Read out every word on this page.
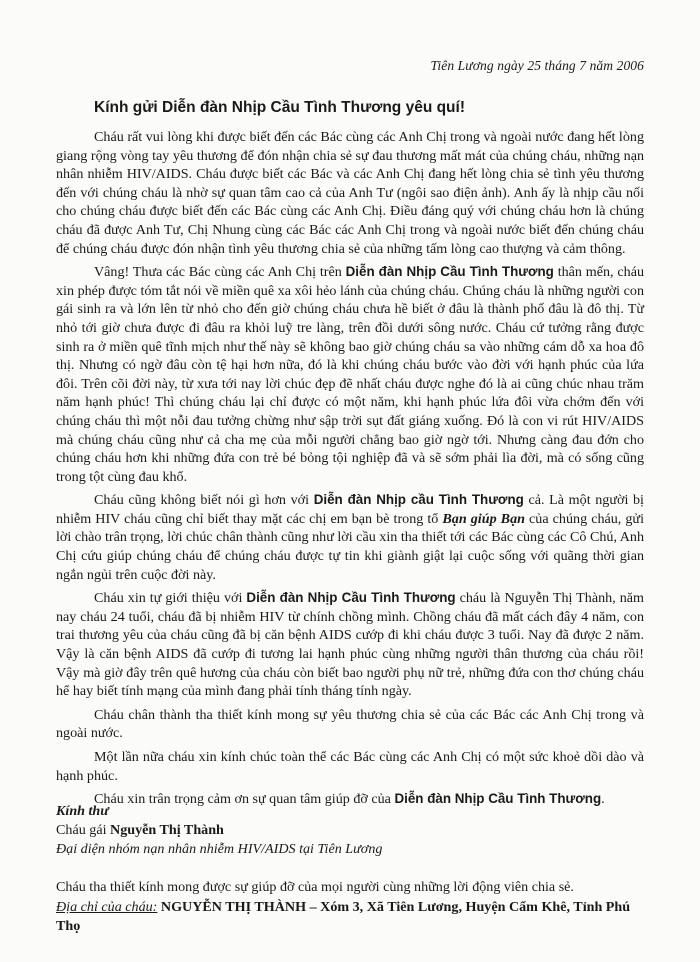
Tiên Lương ngày 25 tháng 7 năm 2006
Kính gửi Diễn đàn Nhịp Cầu Tình Thương yêu quí!

Cháu rất vui lòng khi được biết đến các Bác cùng các Anh Chị trong và ngoài nước đang hết lòng giang rộng vòng tay yêu thương để đón nhận chia sẻ sự đau thương mất mát của chúng cháu, những nạn nhân nhiễm HIV/AIDS. Cháu được biết các Bác và các Anh Chị đang hết lòng chia sẻ tình yêu thương đến với chúng cháu là nhờ sự quan tâm cao cả của Anh Tư (ngôi sao điện ảnh). Anh ấy là nhịp cầu nối cho chúng cháu được biết đến các Bác cùng các Anh Chị. Điều đáng quý với chúng cháu hơn là chúng cháu đã được Anh Tư, Chị Nhung cùng các Bác các Anh Chị trong và ngoài nước biết đến chúng cháu để chúng cháu được đón nhận tình yêu thương chia sẻ của những tấm lòng cao thượng và cảm thông.

Vâng! Thưa các Bác cùng các Anh Chị trên Diễn đàn Nhịp Cầu Tình Thương thân mến, cháu xin phép được tóm tắt nói về miền quê xa xôi hẻo lánh của chúng cháu. Chúng cháu là những người con gái sinh ra và lớn lên từ nhỏ cho đến giờ chúng cháu chưa hề biết ở đâu là thành phố đâu là đô thị. Từ nhỏ tới giờ chưa được đi đâu ra khỏi luỹ tre làng, trên đồi dưới sông nước. Cháu cứ tưởng rằng được sinh ra ở miền quê tĩnh mịch như thế này sẽ không bao giờ chúng cháu sa vào những cám dỗ xa hoa đô thị. Nhưng có ngờ đâu còn tệ hại hơn nữa, đó là khi chúng cháu bước vào đời với hạnh phúc của lứa đôi. Trên cõi đời này, từ xưa tới nay lời chúc đẹp đẽ nhất cháu được nghe đó là ai cũng chúc nhau trăm năm hạnh phúc! Thì chúng cháu lại chỉ được có một năm, khi hạnh phúc lứa đôi vừa chớm đến với chúng cháu thì một nỗi đau tưởng chừng như sập trời sụt đất giáng xuống. Đó là con vi rút HIV/AIDS mà chúng cháu cũng như cả cha mẹ của mỗi người chẳng bao giờ ngờ tới. Nhưng càng đau đớn cho chúng cháu hơn khi những đứa con trẻ bé bỏng tội nghiệp đã và sẽ sớm phải lìa đời, mà có sống cũng trong tột cùng đau khổ.

Cháu cũng không biết nói gì hơn với Diễn đàn Nhịp cầu Tình Thương cả. Là một người bị nhiễm HIV cháu cũng chỉ biết thay mặt các chị em bạn bè trong tổ Bạn giúp Bạn của chúng cháu, gửi lời chào trân trọng, lời chúc chân thành cũng như lời cầu xin tha thiết tới các Bác cùng các Cô Chú, Anh Chị cứu giúp chúng cháu để chúng cháu được tự tin khi giành giật lại cuộc sống với quãng thời gian ngắn ngủi trên cuộc đời này.

Cháu xin tự giới thiệu với Diễn đàn Nhịp Cầu Tình Thương cháu là Nguyễn Thị Thành, năm nay cháu 24 tuổi, cháu đã bị nhiễm HIV từ chính chồng mình. Chồng cháu đã mất cách đây 4 năm, con trai thương yêu của cháu cũng đã bị căn bệnh AIDS cướp đi khi cháu được 3 tuổi. Nay đã được 2 năm. Vậy là căn bệnh AIDS đã cướp đi tương lai hạnh phúc cùng những người thân thương của cháu rồi! Vậy mà giờ đây trên quê hương của cháu còn biết bao người phụ nữ trẻ, những đứa con thơ chúng cháu hể hay biết tính mạng của mình đang phải tính tháng tính ngày.

Cháu chân thành tha thiết kính mong sự yêu thương chia sẻ của các Bác các Anh Chị trong và ngoài nước.

Một lần nữa cháu xin kính chúc toàn thể các Bác cùng các Anh Chị có một sức khoẻ dồi dào và hạnh phúc.

Cháu xin trân trọng cảm ơn sự quan tâm giúp đỡ của Diễn đàn Nhịp Cầu Tình Thương.

Kính thư
Cháu gái Nguyễn Thị Thành
Đại diện nhóm nạn nhân nhiễm HIV/AIDS tại Tiên Lương
Cháu tha thiết kính mong được sự giúp đỡ của mọi người cùng những lời động viên chia sẻ.
Địa chỉ của cháu: NGUYỄN THỊ THÀNH – Xóm 3, Xã Tiên Lương, Huyện Cẩm Khê, Tỉnh Phú Thọ
